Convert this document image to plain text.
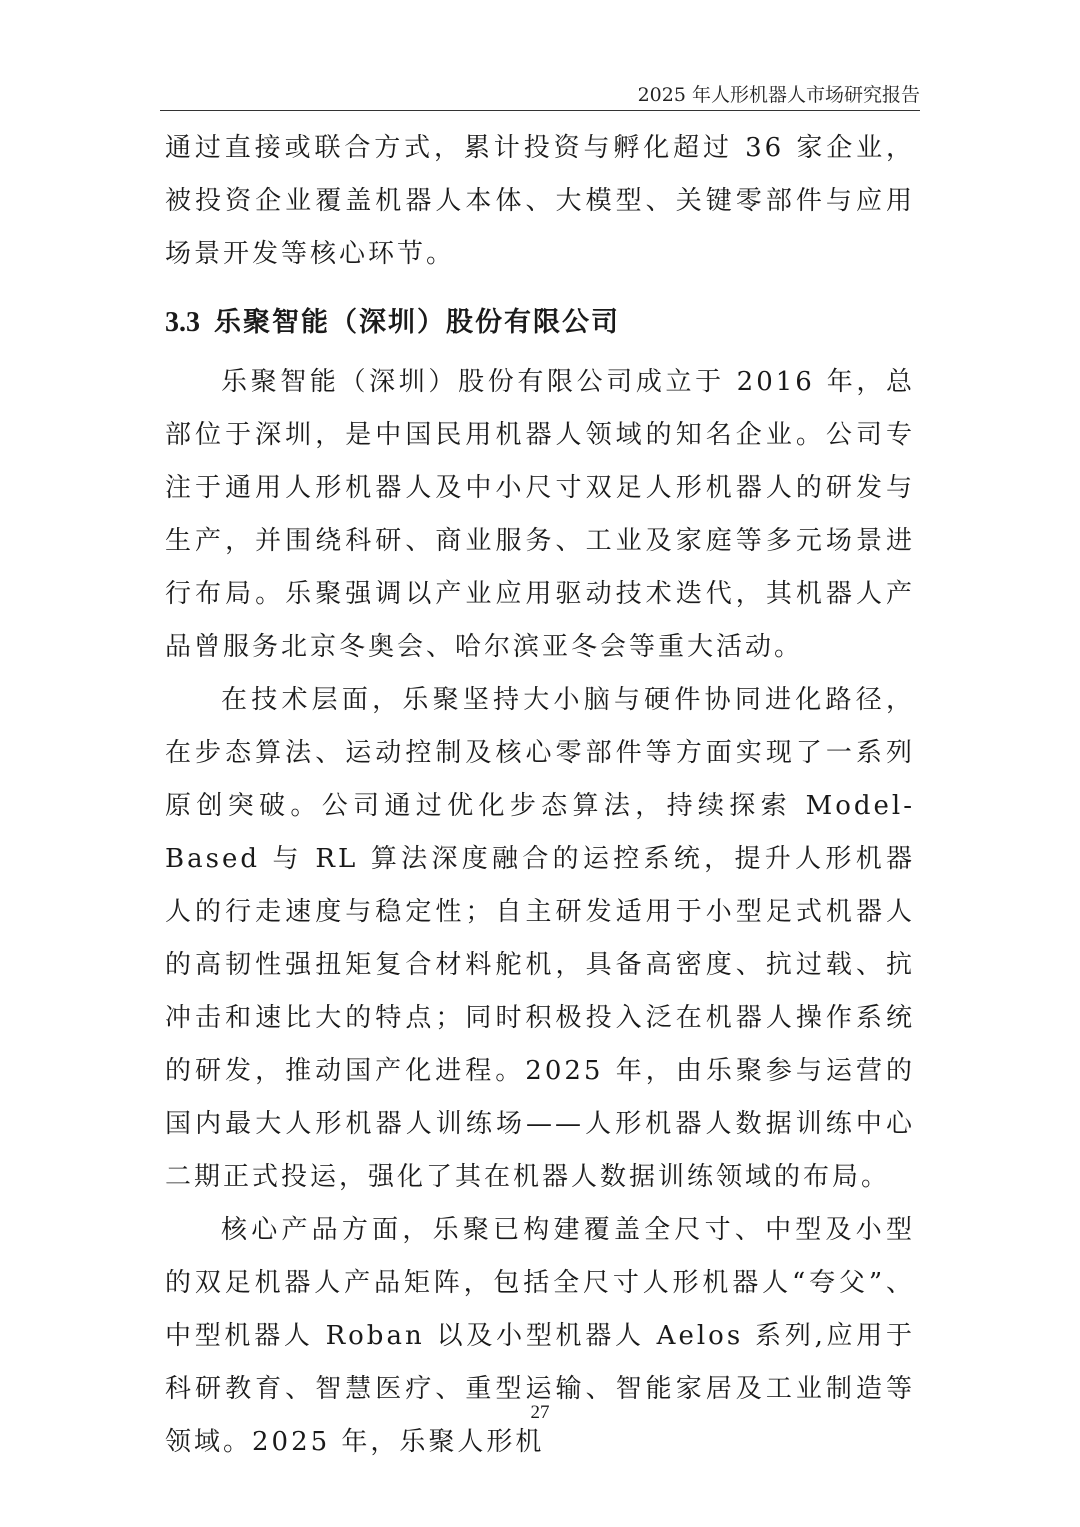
2025 年人形机器人市场研究报告

通过直接或联合方式，累计投资与孵化超过 36 家企业，被投资企业覆盖机器人本体、大模型、关键零部件与应用场景开发等核心环节。

3.3 乐聚智能（深圳）股份有限公司

乐聚智能（深圳）股份有限公司成立于 2016 年，总部位于深圳，是中国民用机器人领域的知名企业。公司专注于通用人形机器人及中小尺寸双足人形机器人的研发与生产，并围绕科研、商业服务、工业及家庭等多元场景进行布局。乐聚强调以产业应用驱动技术迭代，其机器人产品曾服务北京冬奥会、哈尔滨亚冬会等重大活动。

在技术层面，乐聚坚持大小脑与硬件协同进化路径，在步态算法、运动控制及核心零部件等方面实现了一系列原创突破。公司通过优化步态算法，持续探索 Model-Based 与 RL 算法深度融合的运控系统，提升人形机器人的行走速度与稳定性；自主研发适用于小型足式机器人的高韧性强扭矩复合材料舵机，具备高密度、抗过载、抗冲击和速比大的特点；同时积极投入泛在机器人操作系统的研发，推动国产化进程。2025 年，由乐聚参与运营的国内最大人形机器人训练场——人形机器人数据训练中心二期正式投运，强化了其在机器人数据训练领域的布局。

核心产品方面，乐聚已构建覆盖全尺寸、中型及小型的双足机器人产品矩阵，包括全尺寸人形机器人“夸父”、中型机器人 Roban 以及小型机器人 Aelos 系列,应用于科研教育、智慧医疗、重型运输、智能家居及工业制造等领域。2025 年，乐聚人形机

27
